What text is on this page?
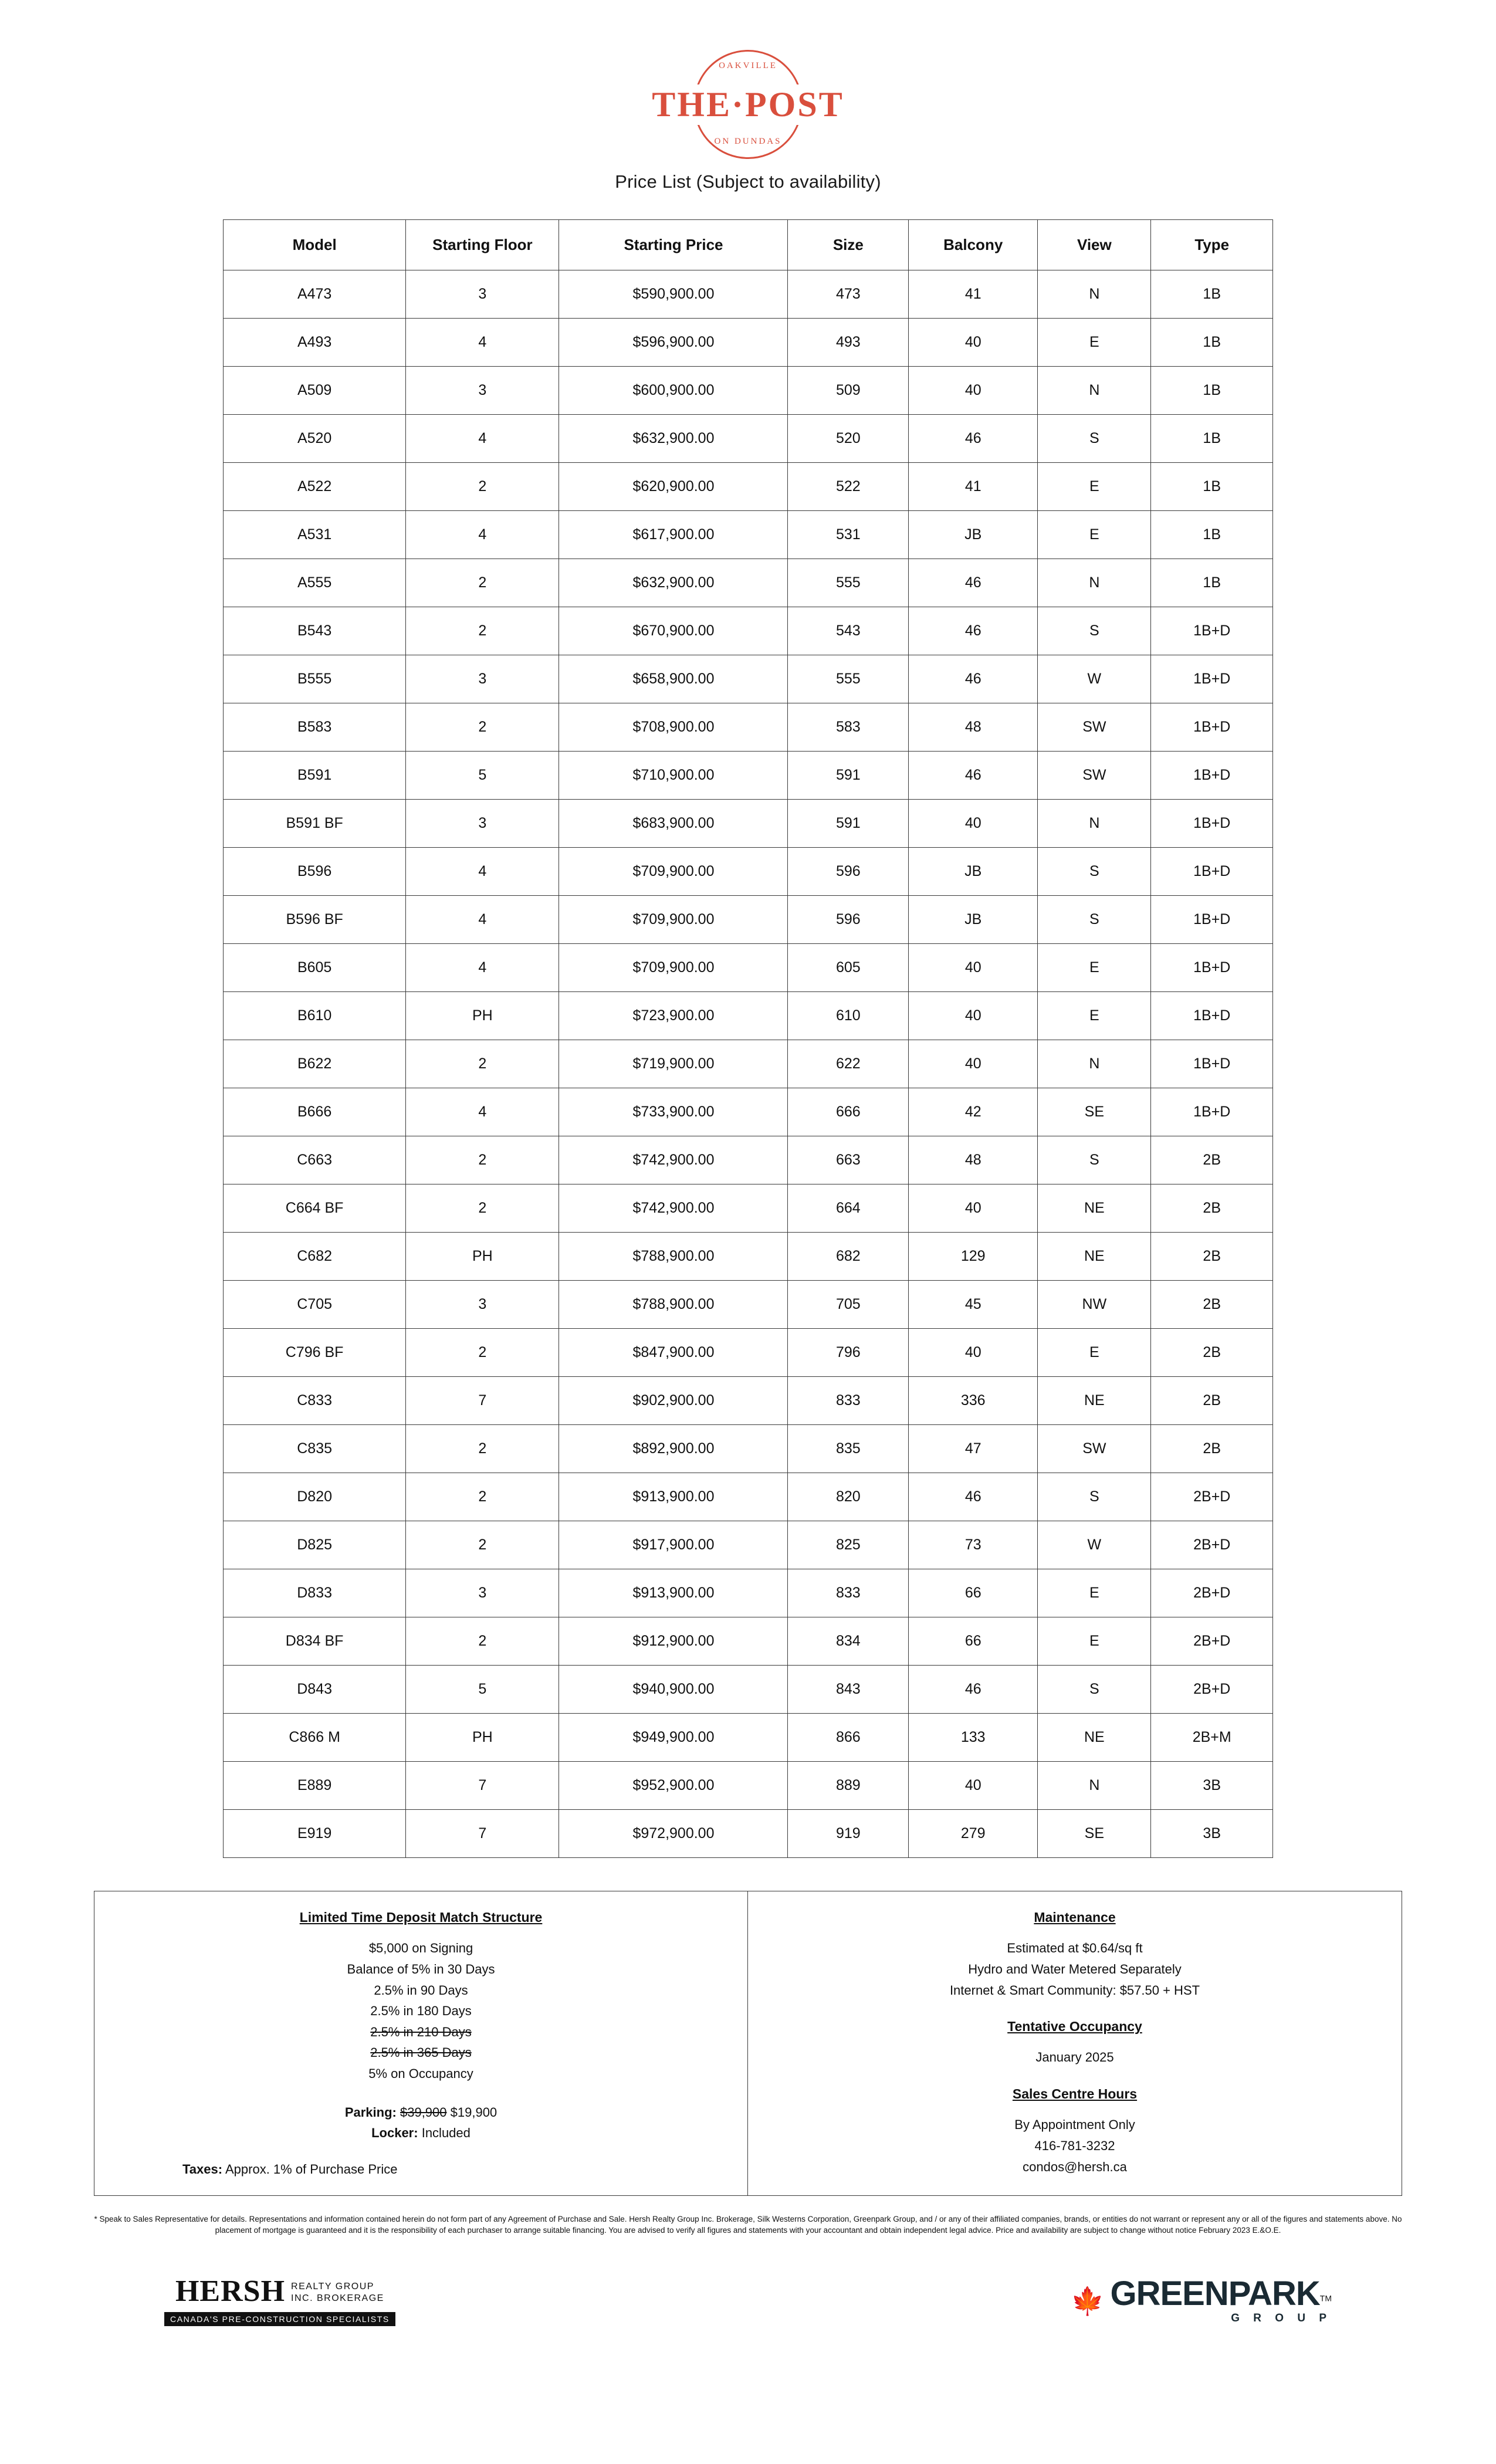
OAKVILLE
THE·POST
ON DUNDAS
Price List (Subject to availability)
Model	Starting Floor	Starting Price	Size	Balcony	View	Type
A473	3	$590,900.00	473	41	N	1B
A493	4	$596,900.00	493	40	E	1B
A509	3	$600,900.00	509	40	N	1B
A520	4	$632,900.00	520	46	S	1B
A522	2	$620,900.00	522	41	E	1B
A531	4	$617,900.00	531	JB	E	1B
A555	2	$632,900.00	555	46	N	1B
B543	2	$670,900.00	543	46	S	1B+D
B555	3	$658,900.00	555	46	W	1B+D
B583	2	$708,900.00	583	48	SW	1B+D
B591	5	$710,900.00	591	46	SW	1B+D
B591 BF	3	$683,900.00	591	40	N	1B+D
B596	4	$709,900.00	596	JB	S	1B+D
B596 BF	4	$709,900.00	596	JB	S	1B+D
B605	4	$709,900.00	605	40	E	1B+D
B610	PH	$723,900.00	610	40	E	1B+D
B622	2	$719,900.00	622	40	N	1B+D
B666	4	$733,900.00	666	42	SE	1B+D
C663	2	$742,900.00	663	48	S	2B
C664 BF	2	$742,900.00	664	40	NE	2B
C682	PH	$788,900.00	682	129	NE	2B
C705	3	$788,900.00	705	45	NW	2B
C796 BF	2	$847,900.00	796	40	E	2B
C833	7	$902,900.00	833	336	NE	2B
C835	2	$892,900.00	835	47	SW	2B
D820	2	$913,900.00	820	46	S	2B+D
D825	2	$917,900.00	825	73	W	2B+D
D833	3	$913,900.00	833	66	E	2B+D
D834 BF	2	$912,900.00	834	66	E	2B+D
D843	5	$940,900.00	843	46	S	2B+D
C866 M	PH	$949,900.00	866	133	NE	2B+M
E889	7	$952,900.00	889	40	N	3B
E919	7	$972,900.00	919	279	SE	3B
Limited Time Deposit Match Structure
$5,000 on Signing
Balance of 5% in 30 Days
2.5% in 90 Days
2.5% in 180 Days
2.5% in 210 Days
2.5% in 365 Days
5% on Occupancy
Parking: $39,900 $19,900
Locker: Included
Taxes: Approx. 1% of Purchase Price
Maintenance
Estimated at $0.64/sq ft
Hydro and Water Metered Separately
Internet & Smart Community: $57.50 + HST
Tentative Occupancy
January 2025
Sales Centre Hours
By Appointment Only
416-781-3232
condos@hersh.ca
* Speak to Sales Representative for details. Representations and information contained herein do not form part of any Agreement of Purchase and Sale. Hersh Realty Group Inc. Brokerage, Silk Westerns Corporation, Greenpark Group, and / or any of their affiliated companies, brands, or entities do not warrant or represent any or all of the figures and statements above. No placement of mortgage is guaranteed and it is the responsibility of each purchaser to arrange suitable financing. You are advised to verify all figures and statements with your accountant and obtain independent legal advice. Price and availability are subject to change without notice February 2023 E.&O.E.
HERSH REALTY GROUP
INC. BROKERAGE
CANADA'S PRE-CONSTRUCTION SPECIALISTS
🍁 GREENPARKTM
G R O U P
